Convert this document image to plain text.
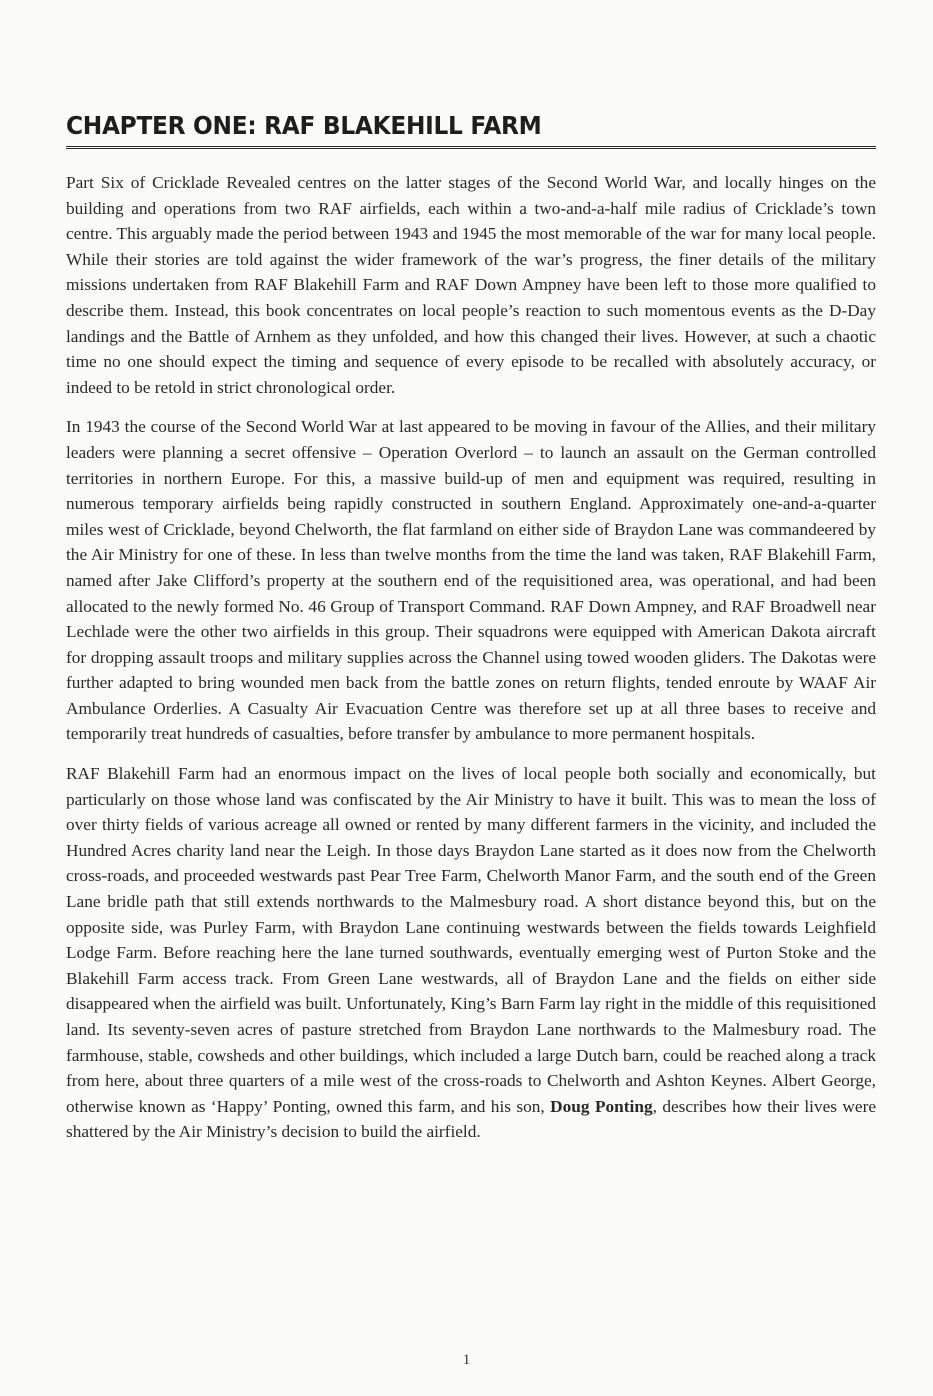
CHAPTER ONE: RAF BLAKEHILL FARM

Part Six of Cricklade Revealed centres on the latter stages of the Second World War, and locally hinges on the building and operations from two RAF airfields, each within a two-and-a-half mile radius of Cricklade’s town centre. This arguably made the period between 1943 and 1945 the most memorable of the war for many local people. While their stories are told against the wider framework of the war’s progress, the finer details of the military missions undertaken from RAF Blakehill Farm and RAF Down Ampney have been left to those more qualified to describe them. Instead, this book concentrates on local people’s reaction to such momentous events as the D-Day landings and the Battle of Arnhem as they unfolded, and how this changed their lives. However, at such a chaotic time no one should expect the timing and sequence of every episode to be recalled with absolutely accuracy, or indeed to be retold in strict chronological order.

In 1943 the course of the Second World War at last appeared to be moving in favour of the Allies, and their military leaders were planning a secret offensive – Operation Overlord – to launch an assault on the German controlled territories in northern Europe. For this, a massive build-up of men and equipment was required, resulting in numerous temporary airfields being rapidly constructed in southern England. Approximately one-and-a-quarter miles west of Cricklade, beyond Chelworth, the flat farmland on either side of Braydon Lane was commandeered by the Air Ministry for one of these. In less than twelve months from the time the land was taken, RAF Blakehill Farm, named after Jake Clifford’s property at the southern end of the requisitioned area, was operational, and had been allocated to the newly formed No. 46 Group of Transport Command. RAF Down Ampney, and RAF Broadwell near Lechlade were the other two airfields in this group. Their squadrons were equipped with American Dakota aircraft for dropping assault troops and military supplies across the Channel using towed wooden gliders. The Dakotas were further adapted to bring wounded men back from the battle zones on return flights, tended enroute by WAAF Air Ambulance Orderlies. A Casualty Air Evacuation Centre was therefore set up at all three bases to receive and temporarily treat hundreds of casualties, before transfer by ambulance to more permanent hospitals.

RAF Blakehill Farm had an enormous impact on the lives of local people both socially and economically, but particularly on those whose land was confiscated by the Air Ministry to have it built. This was to mean the loss of over thirty fields of various acreage all owned or rented by many different farmers in the vicinity, and included the Hundred Acres charity land near the Leigh. In those days Braydon Lane started as it does now from the Chelworth cross-roads, and proceeded westwards past Pear Tree Farm, Chelworth Manor Farm, and the south end of the Green Lane bridle path that still extends northwards to the Malmesbury road. A short distance beyond this, but on the opposite side, was Purley Farm, with Braydon Lane continuing westwards between the fields towards Leighfield Lodge Farm. Before reaching here the lane turned southwards, eventually emerging west of Purton Stoke and the Blakehill Farm access track. From Green Lane westwards, all of Braydon Lane and the fields on either side disappeared when the airfield was built. Unfortunately, King’s Barn Farm lay right in the middle of this requisitioned land. Its seventy-seven acres of pasture stretched from Braydon Lane northwards to the Malmesbury road. The farmhouse, stable, cowsheds and other buildings, which included a large Dutch barn, could be reached along a track from here, about three quarters of a mile west of the cross-roads to Chelworth and Ashton Keynes. Albert George, otherwise known as ‘Happy’ Ponting, owned this farm, and his son, Doug Ponting, describes how their lives were shattered by the Air Ministry’s decision to build the airfield.

1
